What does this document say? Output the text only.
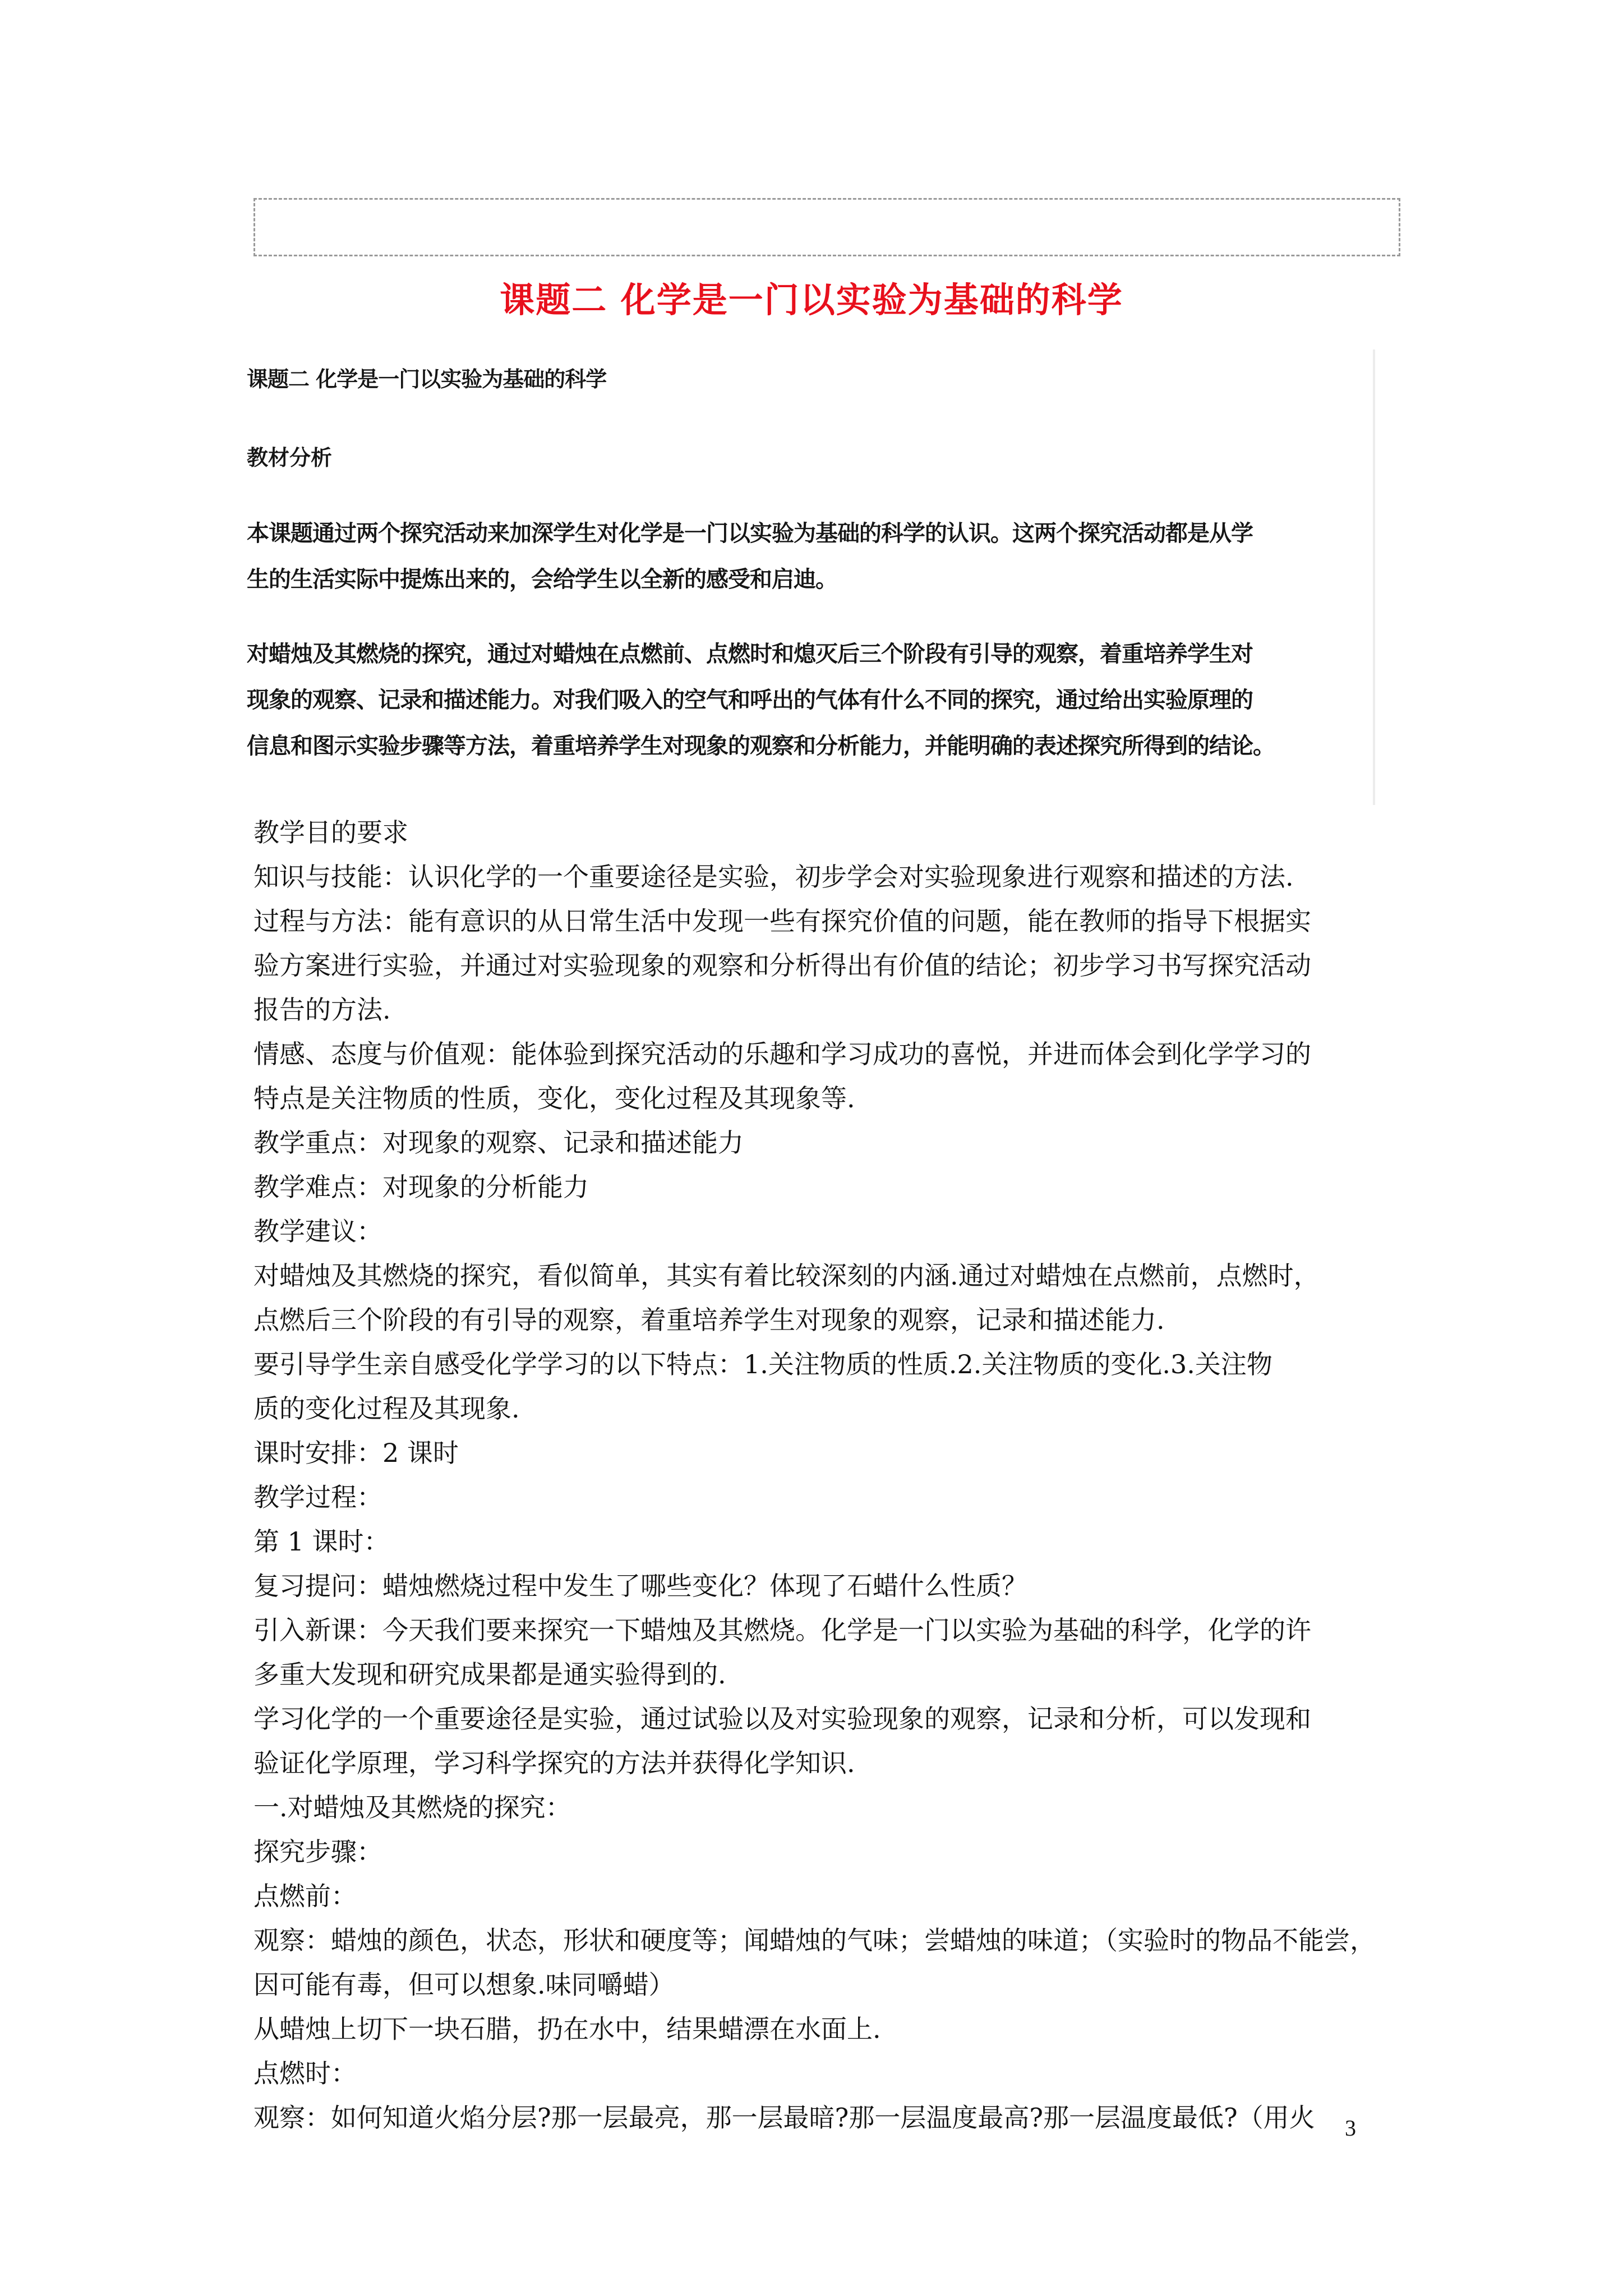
课题二 化学是一门以实验为基础的科学
课题二 化学是一门以实验为基础的科学
教材分析
本课题通过两个探究活动来加深学生对化学是一门以实验为基础的科学的认识。这两个探究活动都是从学
生的生活实际中提炼出来的，会给学生以全新的感受和启迪。
对蜡烛及其燃烧的探究，通过对蜡烛在点燃前、点燃时和熄灭后三个阶段有引导的观察，着重培养学生对
现象的观察、记录和描述能力。对我们吸入的空气和呼出的气体有什么不同的探究，通过给出实验原理的
信息和图示实验步骤等方法，着重培养学生对现象的观察和分析能力，并能明确的表述探究所得到的结论。
教学目的要求
知识与技能：认识化学的一个重要途径是实验，初步学会对实验现象进行观察和描述的方法.
过程与方法：能有意识的从日常生活中发现一些有探究价值的问题，能在教师的指导下根据实
验方案进行实验，并通过对实验现象的观察和分析得出有价值的结论；初步学习书写探究活动
报告的方法.
情感、态度与价值观：能体验到探究活动的乐趣和学习成功的喜悦，并进而体会到化学学习的
特点是关注物质的性质，变化，变化过程及其现象等.
教学重点：对现象的观察、记录和描述能力
教学难点：对现象的分析能力
教学建议：
对蜡烛及其燃烧的探究，看似简单，其实有着比较深刻的内涵.通过对蜡烛在点燃前，点燃时，
点燃后三个阶段的有引导的观察，着重培养学生对现象的观察，记录和描述能力.
要引导学生亲自感受化学学习的以下特点：1.关注物质的性质.2.关注物质的变化.3.关注物
质的变化过程及其现象.
课时安排：2 课时
教学过程：
第 1 课时：
复习提问：蜡烛燃烧过程中发生了哪些变化？体现了石蜡什么性质？
引入新课：今天我们要来探究一下蜡烛及其燃烧。化学是一门以实验为基础的科学，化学的许
多重大发现和研究成果都是通实验得到的.
学习化学的一个重要途径是实验，通过试验以及对实验现象的观察，记录和分析，可以发现和
验证化学原理，学习科学探究的方法并获得化学知识.
一.对蜡烛及其燃烧的探究：
探究步骤：
点燃前：
观察：蜡烛的颜色，状态，形状和硬度等；闻蜡烛的气味；尝蜡烛的味道；（实验时的物品不能尝，
因可能有毒，但可以想象.味同嚼蜡）
从蜡烛上切下一块石腊，扔在水中，结果蜡漂在水面上.
点燃时：
观察：如何知道火焰分层?那一层最亮，那一层最暗?那一层温度最高?那一层温度最低?（用火	3
